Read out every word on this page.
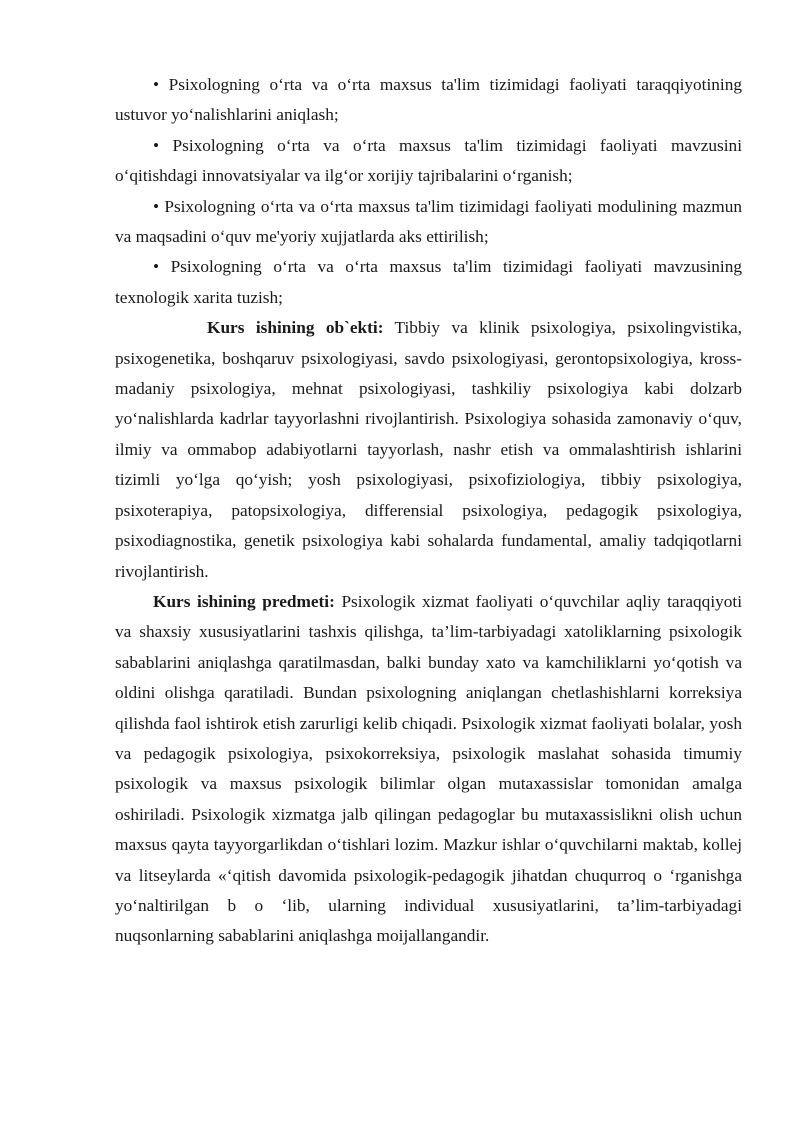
• Psixologning o‘rta va o‘rta maxsus ta'lim tizimidagi faoliyati taraqqiyotining ustuvor yo‘nalishlarini aniqlash;

• Psixologning o‘rta va o‘rta maxsus ta'lim tizimidagi faoliyati mavzusini o‘qitishdagi innovatsiyalar va ilg‘or xorijiy tajribalarini o‘rganish;

• Psixologning o‘rta va o‘rta maxsus ta'lim tizimidagi faoliyati modulining mazmun va maqsadini o‘quv me'yoriy xujjatlarda aks ettirilish;

• Psixologning o‘rta va o‘rta maxsus ta'lim tizimidagi faoliyati mavzusining texnologik xarita tuzish;

Kurs ishining ob`ekti: Tibbiy va klinik psixologiya, psixolingvistika, psixogenetika, boshqaruv psixologiyasi, savdo psixologiyasi, gerontopsixologiya, kross-madaniy psixologiya, mehnat psixologiyasi, tashkiliy psixologiya kabi dolzarb yo‘nalishlarda kadrlar tayyorlashni rivojlantirish. Psixologiya sohasida zamonaviy o‘quv, ilmiy va ommabop adabiyotlarni tayyorlash, nashr etish va ommalashtirish ishlarini tizimli yo‘lga qo‘yish; yosh psixologiyasi, psixofiziologiya, tibbiy psixologiya, psixoterapiya, patopsixologiya, differensial psixologiya, pedagogik psixologiya, psixodiagnostika, genetik psixologiya kabi sohalarda fundamental, amaliy tadqiqotlarni rivojlantirish.

Kurs ishining predmeti: Psixologik xizmat faoliyati o‘quvchilar aqliy taraqqiyoti va shaxsiy xususiyatlarini tashxis qilishga, ta’lim-tarbiyadagi xatoliklarning psixologik sabablarini aniqlashga qaratilmasdan, balki bunday xato va kamchiliklarni yo‘qotish va oldini olishga qaratiladi. Bundan psixologning aniqlangan chetlashishlarni korreksiya qilishda faol ishtirok etish zarurligi kelib chiqadi. Psixologik xizmat faoliyati bolalar, yosh va pedagogik psixologiya, psixokorreksiya, psixologik maslahat sohasida timumiy psixologik va maxsus psixologik bilimlar olgan mutaxassislar tomonidan amalga oshiriladi. Psixologik xizmatga jalb qilingan pedagoglar bu mutaxassislikni olish uchun maxsus qayta tayyorgarlikdan o‘tishlari lozim. Mazkur ishlar o‘quvchilarni maktab, kollej va litseylarda «‘qitish davomida psixologik-pedagogik jihatdan chuqurroq o ‘rganishga yo‘naltirilgan b o ‘lib, ularning individual xususiyatlarini, ta’lim-tarbiyadagi nuqsonlarning sabablarini aniqlashga moijallangandir.
